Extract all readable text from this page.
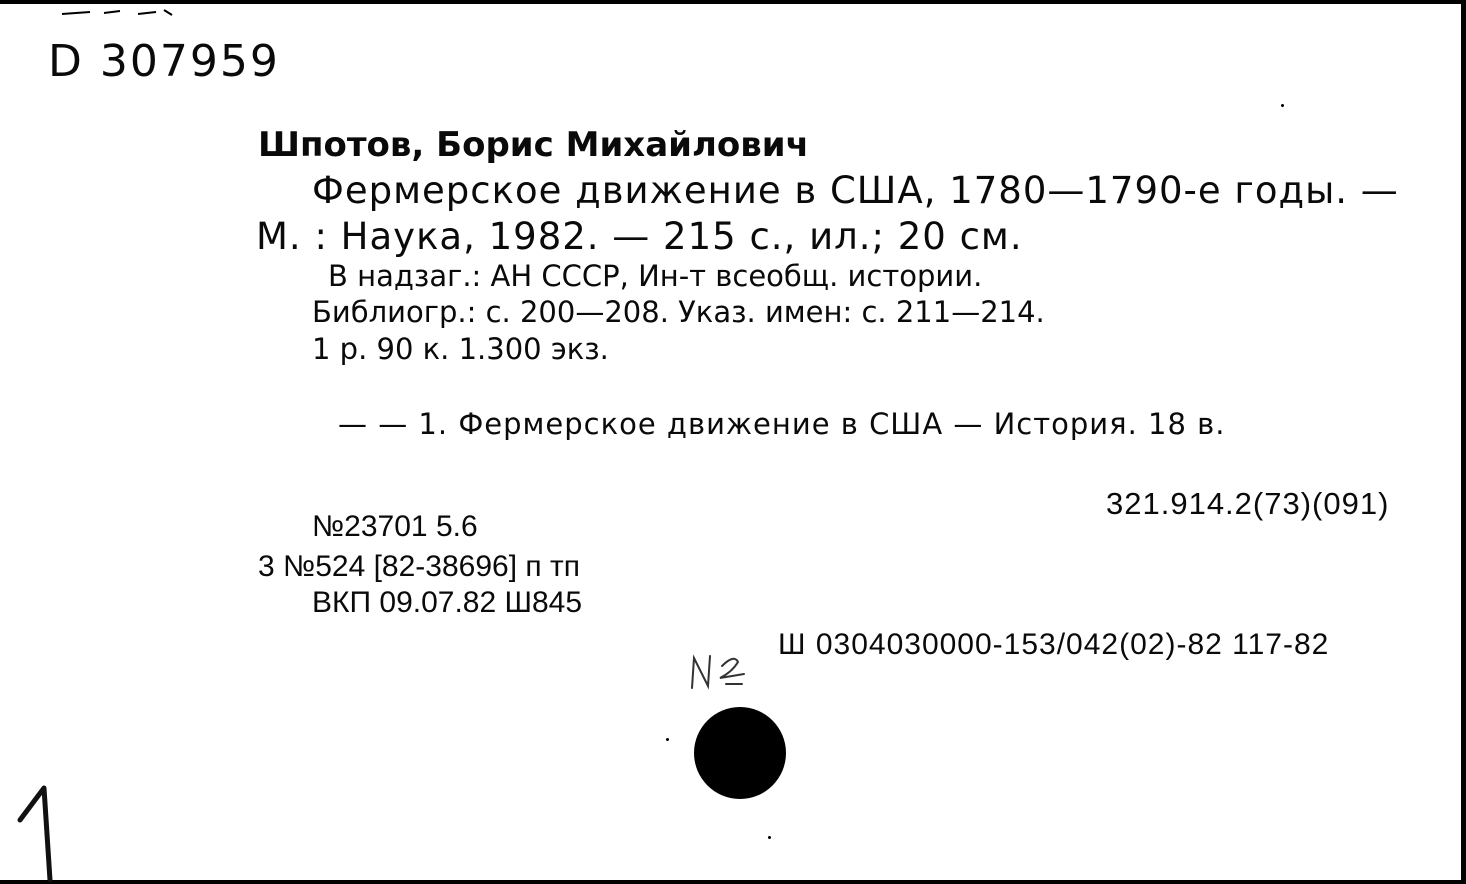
D 307959
Шпотов, Борис Михайлович
Фермерское движение в США, 1780—1790-е годы. —
М. : Наука, 1982. — 215 с., ил.; 20 см.
В надзаг.: АН СССР, Ин-т всеобщ. истории.
Библиогр.: с. 200—208. Указ. имен: с. 211—214.
1 р. 90 к. 1.300 экз.
— — 1. Фермерское движение в США — История. 18 в.
321.914.2(73)(091)
№23701 5.6
3 №524 [82-38696] п тп
ВКП 09.07.82 Ш845
Ш 0304030000-153/042(02)-82 117-82
